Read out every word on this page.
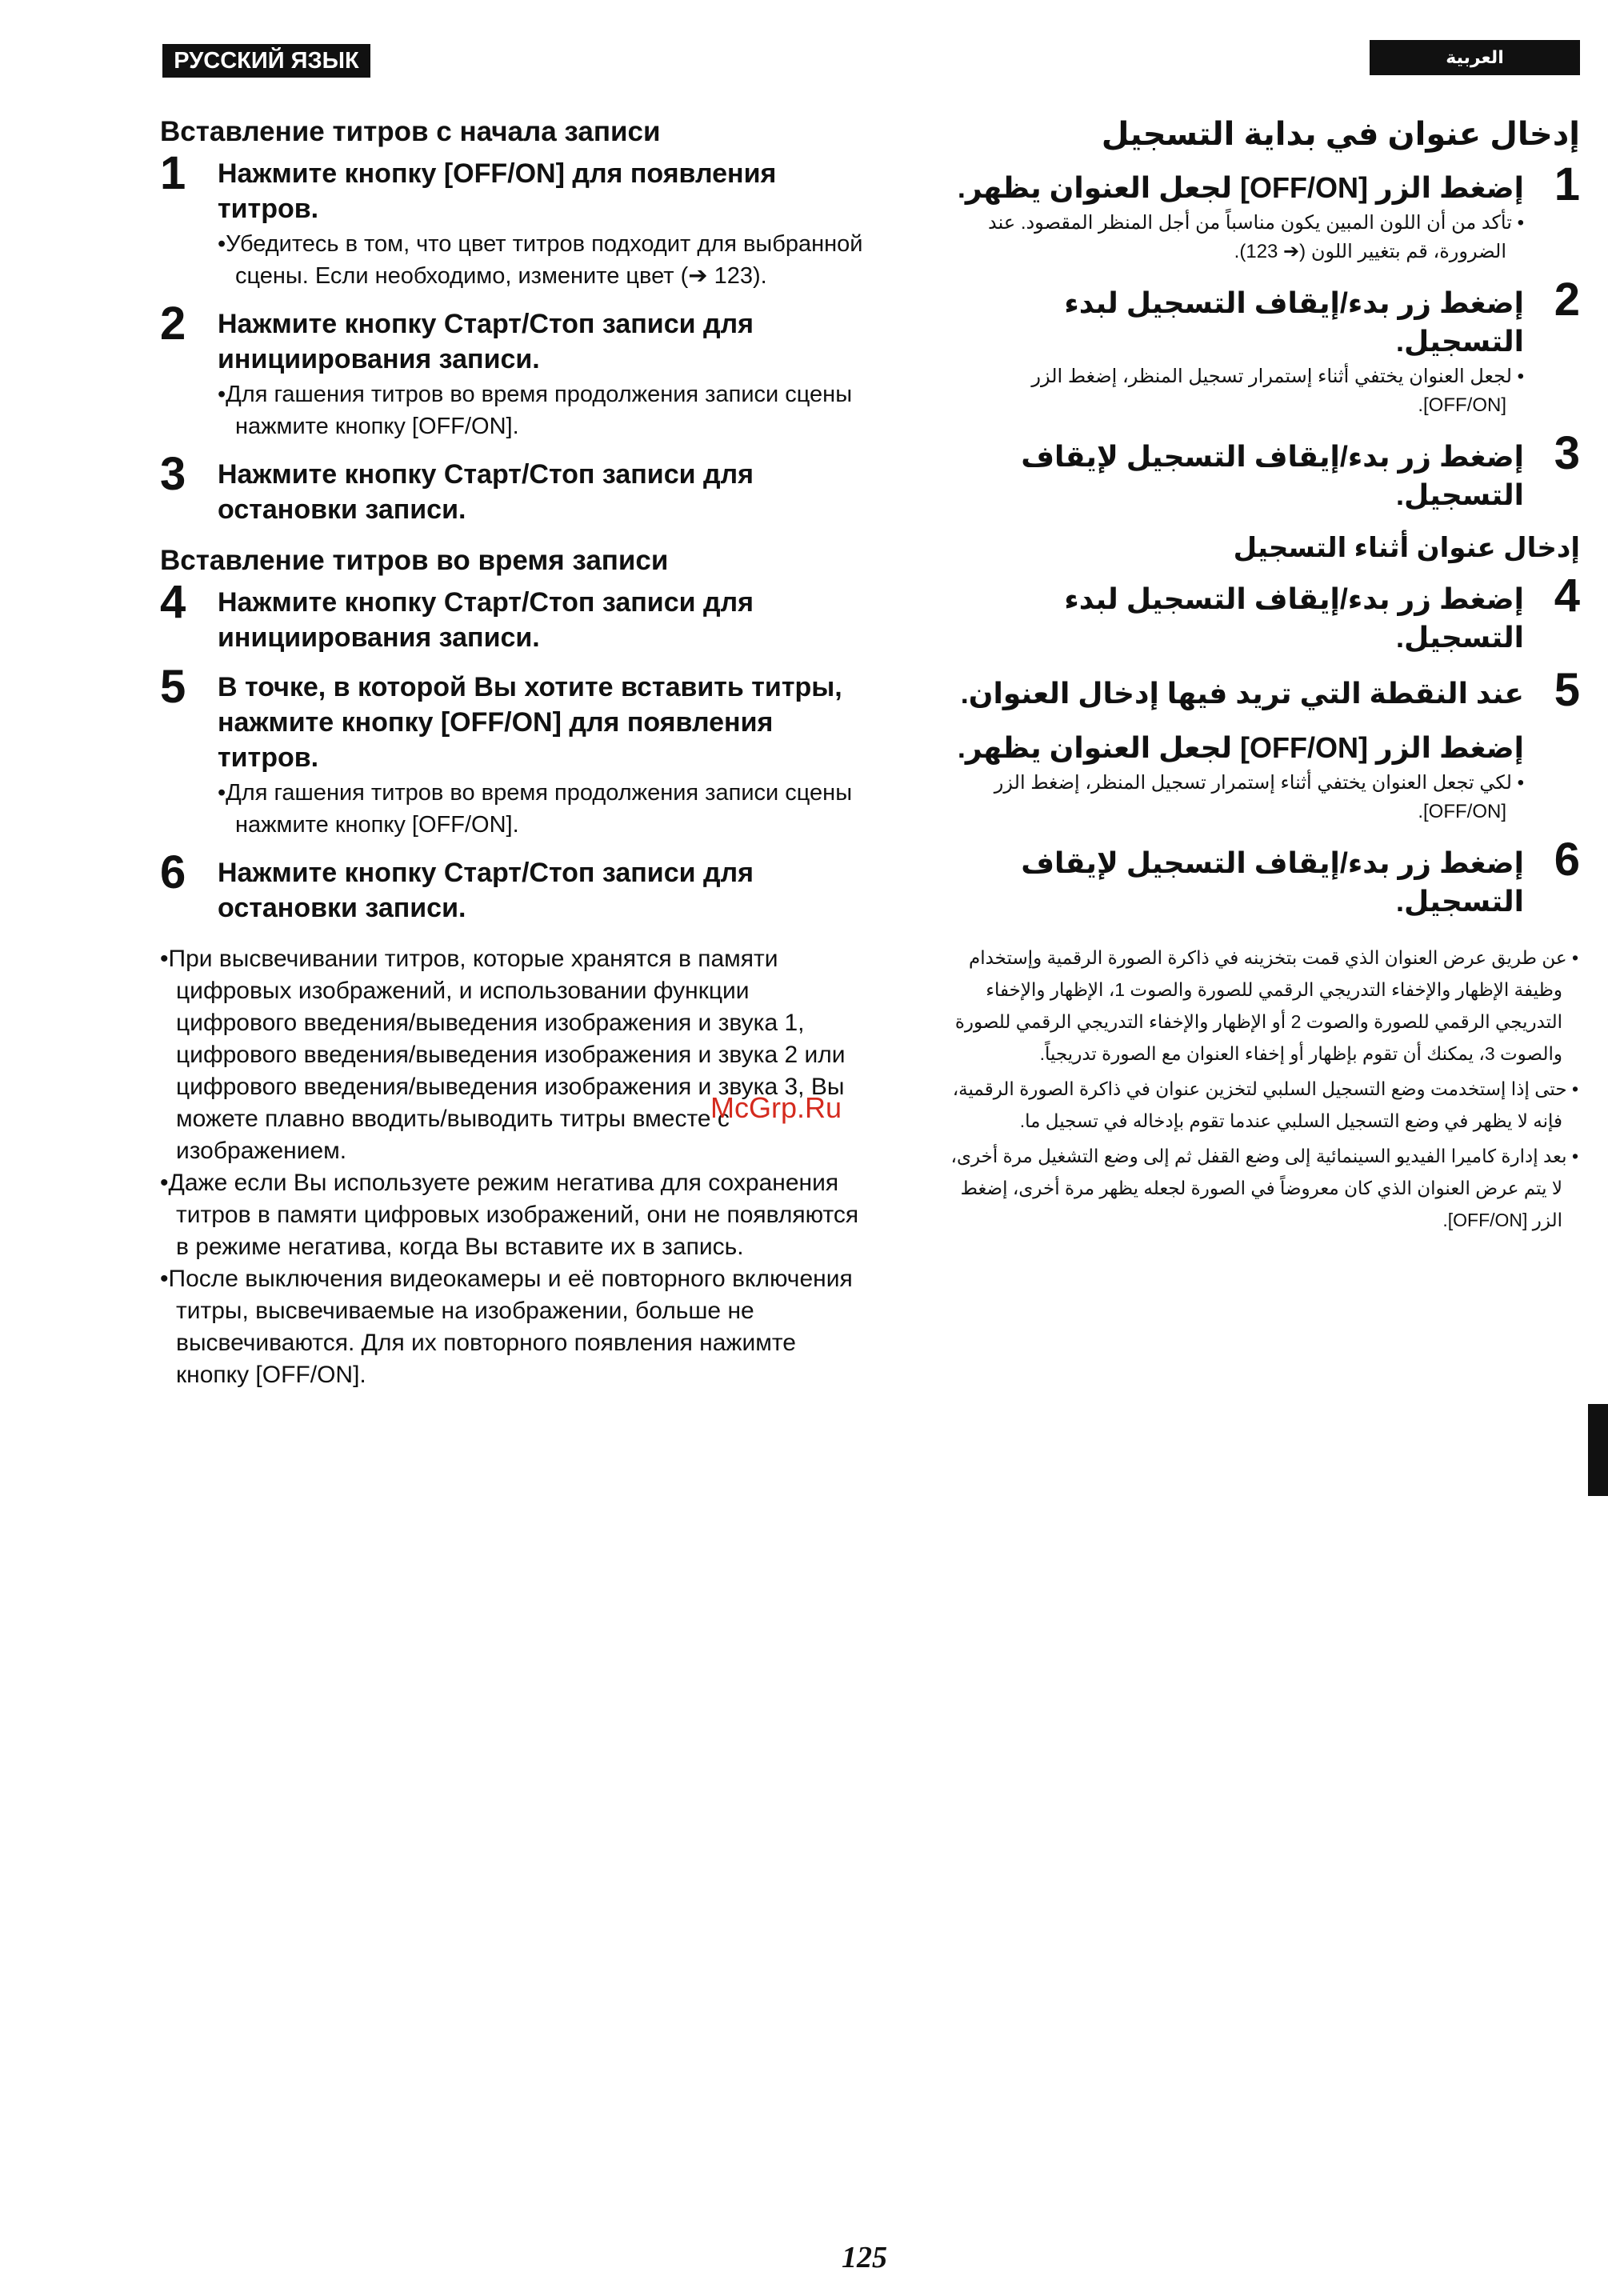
РУССКИЙ ЯЗЫК	العربية
Вставление титров с начала записи
1 Нажмите кнопку [OFF/ON] для появления титров.
•Убедитесь в том, что цвет титров подходит для выбранной сцены. Если необходимо, измените цвет (➔ 123).
2 Нажмите кнопку Старт/Стоп записи для инициирования записи.
•Для гашения титров во время продолжения записи сцены нажмите кнопку [OFF/ON].
3 Нажмите кнопку Старт/Стоп записи для остановки записи.
Вставление титров во время записи
4 Нажмите кнопку Старт/Стоп записи для инициирования записи.
5 В точке, в которой Вы хотите вставить титры, нажмите кнопку [OFF/ON] для появления титров.
•Для гашения титров во время продолжения записи сцены нажмите кнопку [OFF/ON].
6 Нажмите кнопку Старт/Стоп записи для остановки записи.

•При высвечивании титров, которые хранятся в памяти цифровых изображений, и использовании функции цифрового введения/выведения изображения и звука 1, цифрового введения/выведения изображения и звука 2 или цифрового введения/выведения изображения и звука 3, Вы можете плавно вводить/выводить титры вместе с изображением.

•Даже если Вы используете режим негатива для сохранения титров в памяти цифровых изображений, они не появляются в режиме негатива, когда Вы вставите их в запись.

•После выключения видеокамеры и её повторного включения титры, высвечиваемые на изображении, больше не высвечиваются. Для их повторного появления нажимте кнопку [OFF/ON].

إدخال عنوان في بداية التسجيل
1
إضغط الزر [OFF/ON] لجعل العنوان يظهر.
• تأكد من أن اللون المبين يكون مناسباً من أجل المنظر المقصود. عند الضرورة، قم بتغيير اللون (➔ 123).
2
إضغط زر بدء/إيقاف التسجيل لبدء التسجيل.
• لجعل العنوان يختفي أثناء إستمرار تسجيل المنظر، إضغط الزر [OFF/ON].
3
إضغط زر بدء/إيقاف التسجيل لإيقاف التسجيل.
إدخال عنوان أثناء التسجيل
4
إضغط زر بدء/إيقاف التسجيل لبدء التسجيل.
5
عند النقطة التي تريد فيها إدخال العنوان.
إضغط الزر [OFF/ON] لجعل العنوان يظهر.
• لكي تجعل العنوان يختفي أثناء إستمرار تسجيل المنظر، إضغط الزر [OFF/ON].
6
إضغط زر بدء/إيقاف التسجيل لإيقاف التسجيل.

• عن طريق عرض العنوان الذي قمت بتخزينه في ذاكرة الصورة الرقمية وإستخدام وظيفة الإظهار والإخفاء التدريجي الرقمي للصورة والصوت 1، الإظهار والإخفاء التدريجي الرقمي للصورة والصوت 2 أو الإظهار والإخفاء التدريجي الرقمي للصورة والصوت 3، يمكنك أن تقوم بإظهار أو إخفاء العنوان مع الصورة تدريجياً.

• حتى إذا إستخدمت وضع التسجيل السلبي لتخزين عنوان في ذاكرة الصورة الرقمية، فإنه لا يظهر في وضع التسجيل السلبي عندما تقوم بإدخاله في تسجيل ما.

• بعد إدارة كاميرا الفيديو السينمائية إلى وضع القفل ثم إلى وضع التشغيل مرة أخرى، لا يتم عرض العنوان الذي كان معروضاً في الصورة لجعله يظهر مرة أخرى، إضغط الزر [OFF/ON].

McGrp.Ru
125
